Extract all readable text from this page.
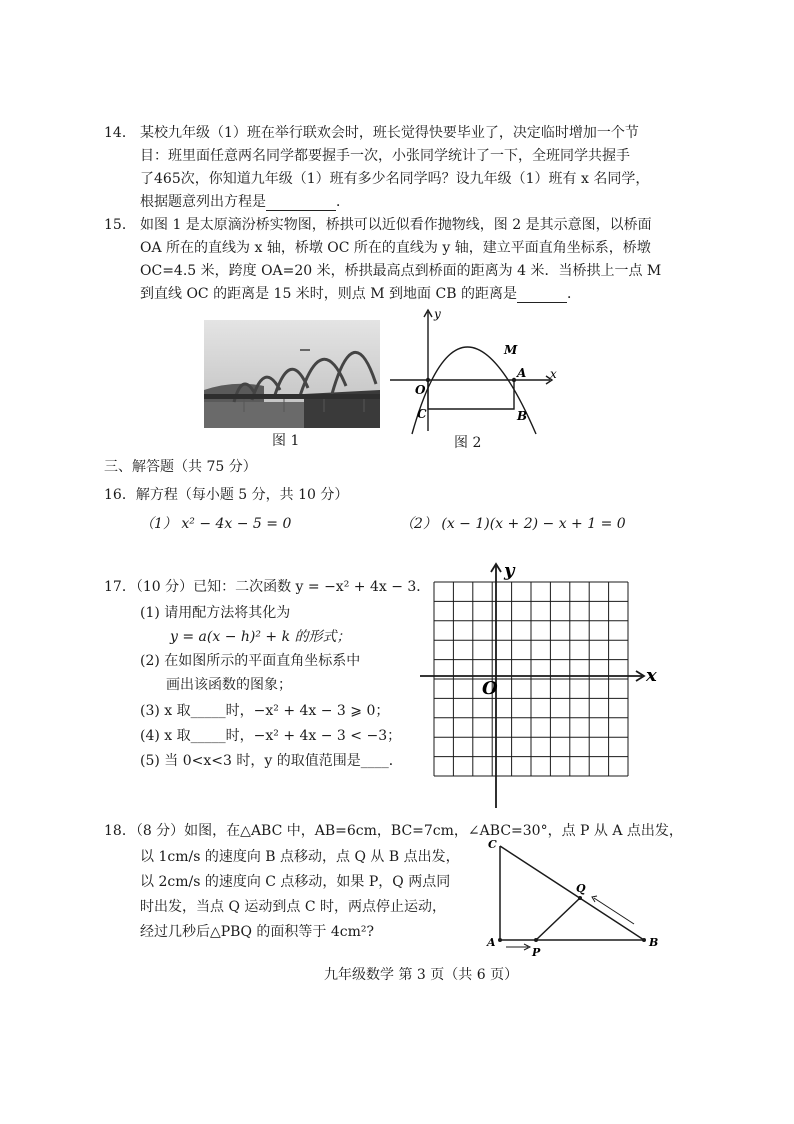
14． 某校九年级（1）班在举行联欢会时，班长觉得快要毕业了，决定临时增加一个节
目：班里面任意两名同学都要握手一次，小张同学统计了一下，全班同学共握手
了465次，你知道九年级（1）班有多少名同学吗？设九年级（1）班有 x 名同学，
根据题意列出方程是	．
15． 如图 1 是太原滴汾桥实物图，桥拱可以近似看作抛物线，图 2 是其示意图，以桥面
OA 所在的直线为 x 轴，桥墩 OC 所在的直线为 y 轴，建立平面直角坐标系，桥墩
OC=4.5 米，跨度 OA=20 米，桥拱最高点到桥面的距离为 4 米．当桥拱上一点 M
到直线 OC 的距离是 15 米时，则点 M 到地面 CB 的距离是	．
图 1
y
x
O
A
M
C	B
图 2
三、解答题（共 75 分）
16．解方程（每小题 5 分，共 10 分）
（1） x² − 4x − 5 = 0	（2） (x − 1)(x + 2) − x + 1 = 0
17．（10 分）已知：二次函数 y = −x² + 4x − 3．
(1) 请用配方法将其化为
y = a(x − h)² + k 的形式；
(2) 在如图所示的平面直角坐标系中
画出该函数的图象；
(3) x 取_____时，−x² + 4x − 3 ⩾ 0；
(4) x 取_____时，−x² + 4x − 3 < −3；
(5) 当 0<x<3 时，y 的取值范围是____．
y
x
O
18．（8 分）如图，在△ABC 中，AB=6cm，BC=7cm，∠ABC=30°，点 P 从 A 点出发，
以 1cm/s 的速度向 B 点移动，点 Q 从 B 点出发，
以 2cm/s 的速度向 C 点移动，如果 P，Q 两点同
时出发，当点 Q 运动到点 C 时，两点停止运动，
经过几秒后△PBQ 的面积等于 4cm²?
C
Q
A
P
B
九年级数学 第 3 页（共 6 页）
